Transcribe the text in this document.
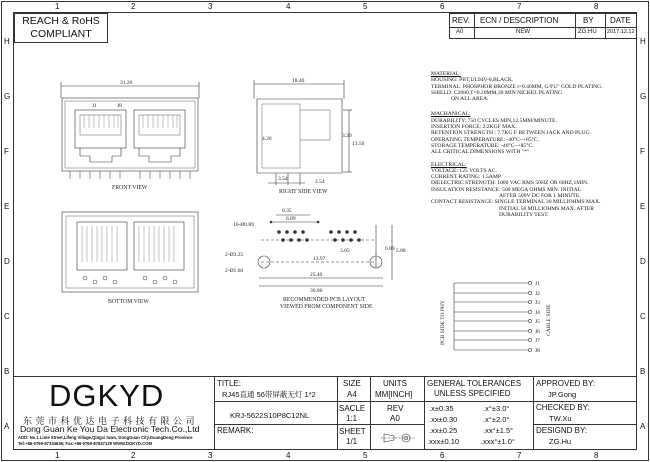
1	2	3	4	5	6	7	8
1	2	3	4	5	6	7	8
H
G
F
E
D
C
B
A
H
G
F
E
D
C
B
A
REACH & RoHS
COMPLIANT
REV. ECN / DESCRIPTION	BY DATE
A0	NEW	ZG.HU 2017.12.12
31.20
J1	J8
18.40
13.50
4.20
3.54	2.54
3.20
6.35
6.89
3.05
13.97
25.40
30.86
6.89 5.08
16-Ø0.89
2-Ø3.25
2-Ø1.60
J1
J2
J3
J4
J5
J6
J7
J8
PCB SIDE TO PHY	CABLE SIDE
FRONT VIEW
RIGHT SIDE VIEW
BOTTOM VIEW	RECOMMENDED PCB LAYOUT
VIEWED FROM COMPONENT SIDE
MATERIAL:
HOUSING: PBT,UL94V-0,BLACK.
TERMINAL: PHOSPHOR BRONZE t=0.46MM, G/FU" GOLD PLATING.
SHIELD: C2680,T=0.20MM,30 MIN NICKEL PLATING
ON ALL AREA.
MACHANICAL:
DURABILITY: 750 CYCLES MIN,12.5MM/MINUTE.
INSERTION FORCE: 2.2KGF MAX.
RETENTION STRENGTH : 7.7KG F BETWEEN JACK AND PLUG.
OPERATING TEMPERATURE: -40°C~+85°C.
STORAGE TEMPERATURE: -40°C~+85°C.
ALL CRITICAL DIMENSIONS WITH "*"
ELECTRICAL:
VOLTAGE: 125 VOLTS AC.
CURRENT RATING: 1.5AMP.
DIELECTRIC STRENGTH: 1000 VAC RMS 50HZ OR 60HZ,1MIN.
INSULATION RESISTANCE: 500 MEGA OHMS MIN. INITIAL
AFTER 500V DC FOR 1 MINUTE.
CONTACT RESISTANCE: SINGLE TERMINAL 30 MILLIOHMS MAX.
INITIAL 50 MILLIOHMS MAX. AFTER
DURABILITY TEST.
DGKYD
东 莞 市 科 优 达 电 子 科 技 有 限 公 司
Dong Guan Ke You Da Electronic Tech.Co.,Ltd
ADD: No.1 Lime Street,Lifeng Village,Qingxi town, DongGuan City,GuangDong Province
Tel:+86-0769-87334636; Fax:+86-0769-87847129 WWW.DGKYD.COM
TITLE:
RJ45直通 56带屏蔽无灯 1*2
KRJ-5622S10P8C12NL
REMARK:
SIZE
A4
SACLE
1:1
SHEET
1/1
UNITS
MM[INCH]
REV
A0
GENERAL TOLERANCES
UNLESS SPECIFIED
.x±0.35	.x°±3.0°
.xx±0.30	.x°±2.0°
.xx±0.25	.xx°±1.5°
.xxx±0.10	.xxx°±1.0°
APPROVED BY:
JP.Gong
CHECKED BY:
TW.Xu
DESIGND BY:
ZG.Hu
